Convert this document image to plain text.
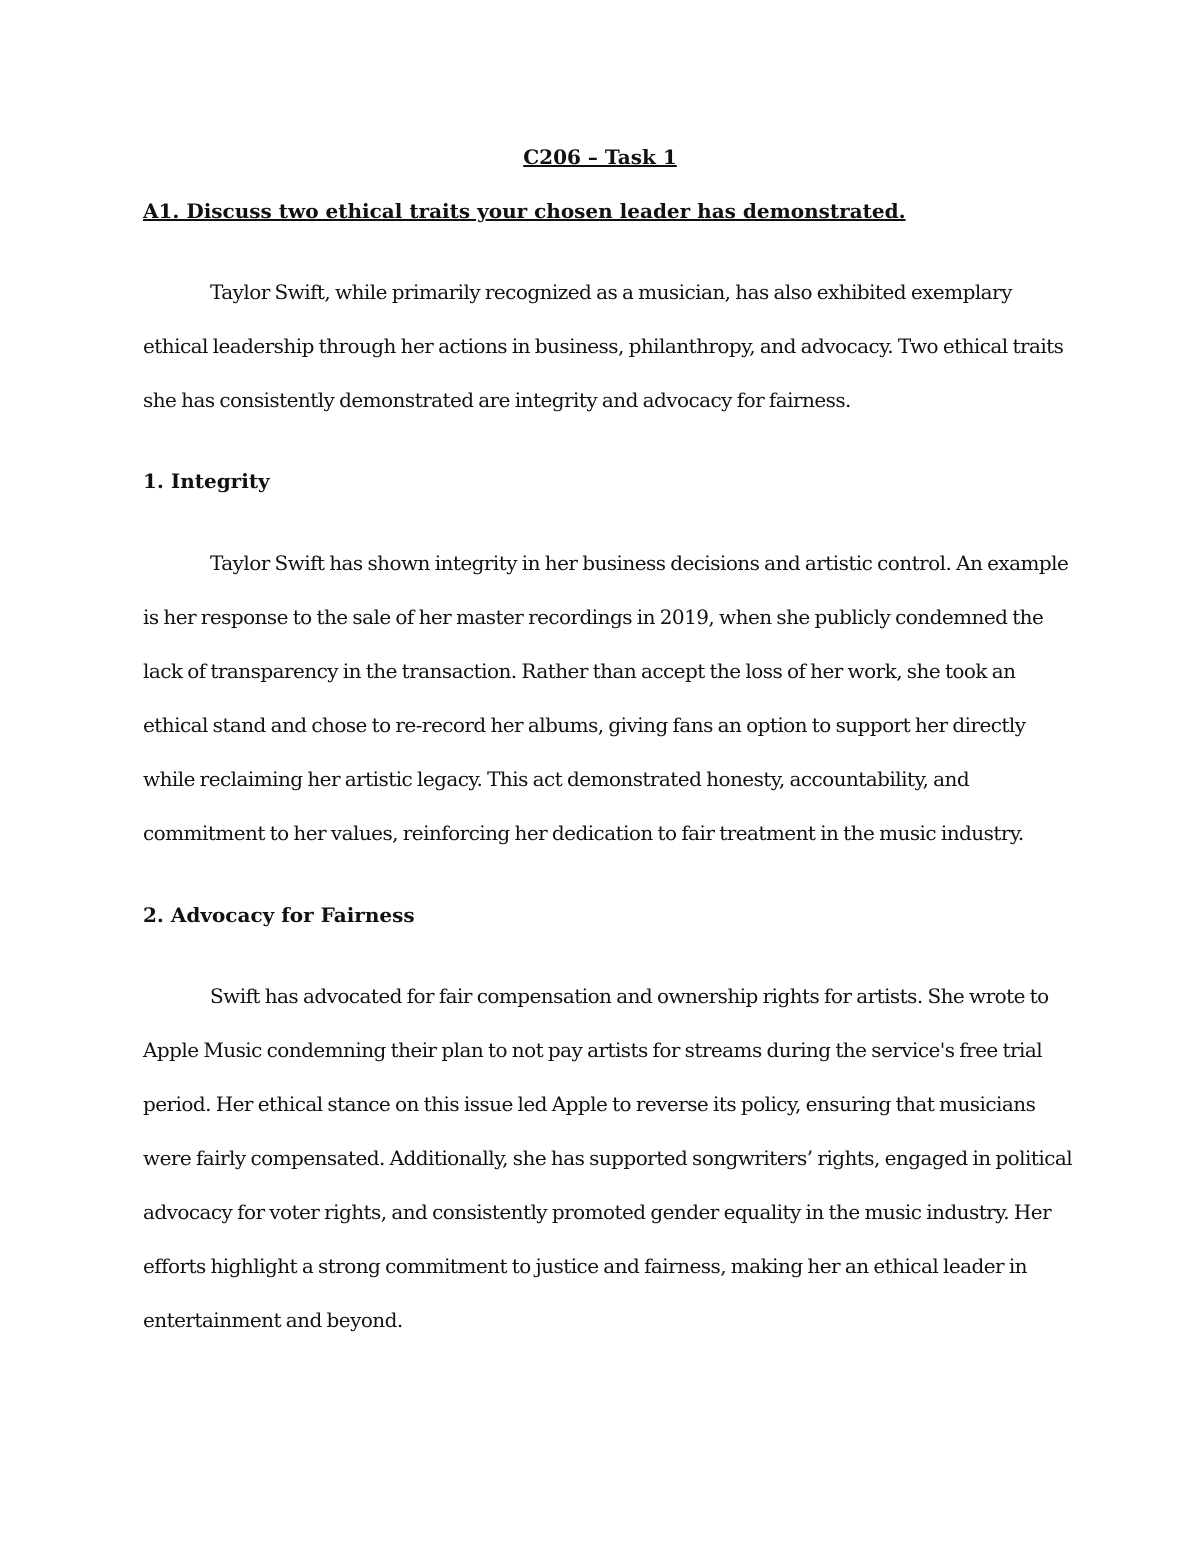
C206 – Task 1
A1. Discuss two ethical traits your chosen leader has demonstrated.

Taylor Swift, while primarily recognized as a musician, has also exhibited exemplary ethical leadership through her actions in business, philanthropy, and advocacy. Two ethical traits she has consistently demonstrated are integrity and advocacy for fairness.

1. Integrity

Taylor Swift has shown integrity in her business decisions and artistic control. An example is her response to the sale of her master recordings in 2019, when she publicly condemned the lack of transparency in the transaction. Rather than accept the loss of her work, she took an ethical stand and chose to re-record her albums, giving fans an option to support her directly while reclaiming her artistic legacy. This act demonstrated honesty, accountability, and commitment to her values, reinforcing her dedication to fair treatment in the music industry.

2. Advocacy for Fairness

Swift has advocated for fair compensation and ownership rights for artists. She wrote to Apple Music condemning their plan to not pay artists for streams during the service's free trial period. Her ethical stance on this issue led Apple to reverse its policy, ensuring that musicians were fairly compensated. Additionally, she has supported songwriters’ rights, engaged in political advocacy for voter rights, and consistently promoted gender equality in the music industry. Her efforts highlight a strong commitment to justice and fairness, making her an ethical leader in entertainment and beyond.
